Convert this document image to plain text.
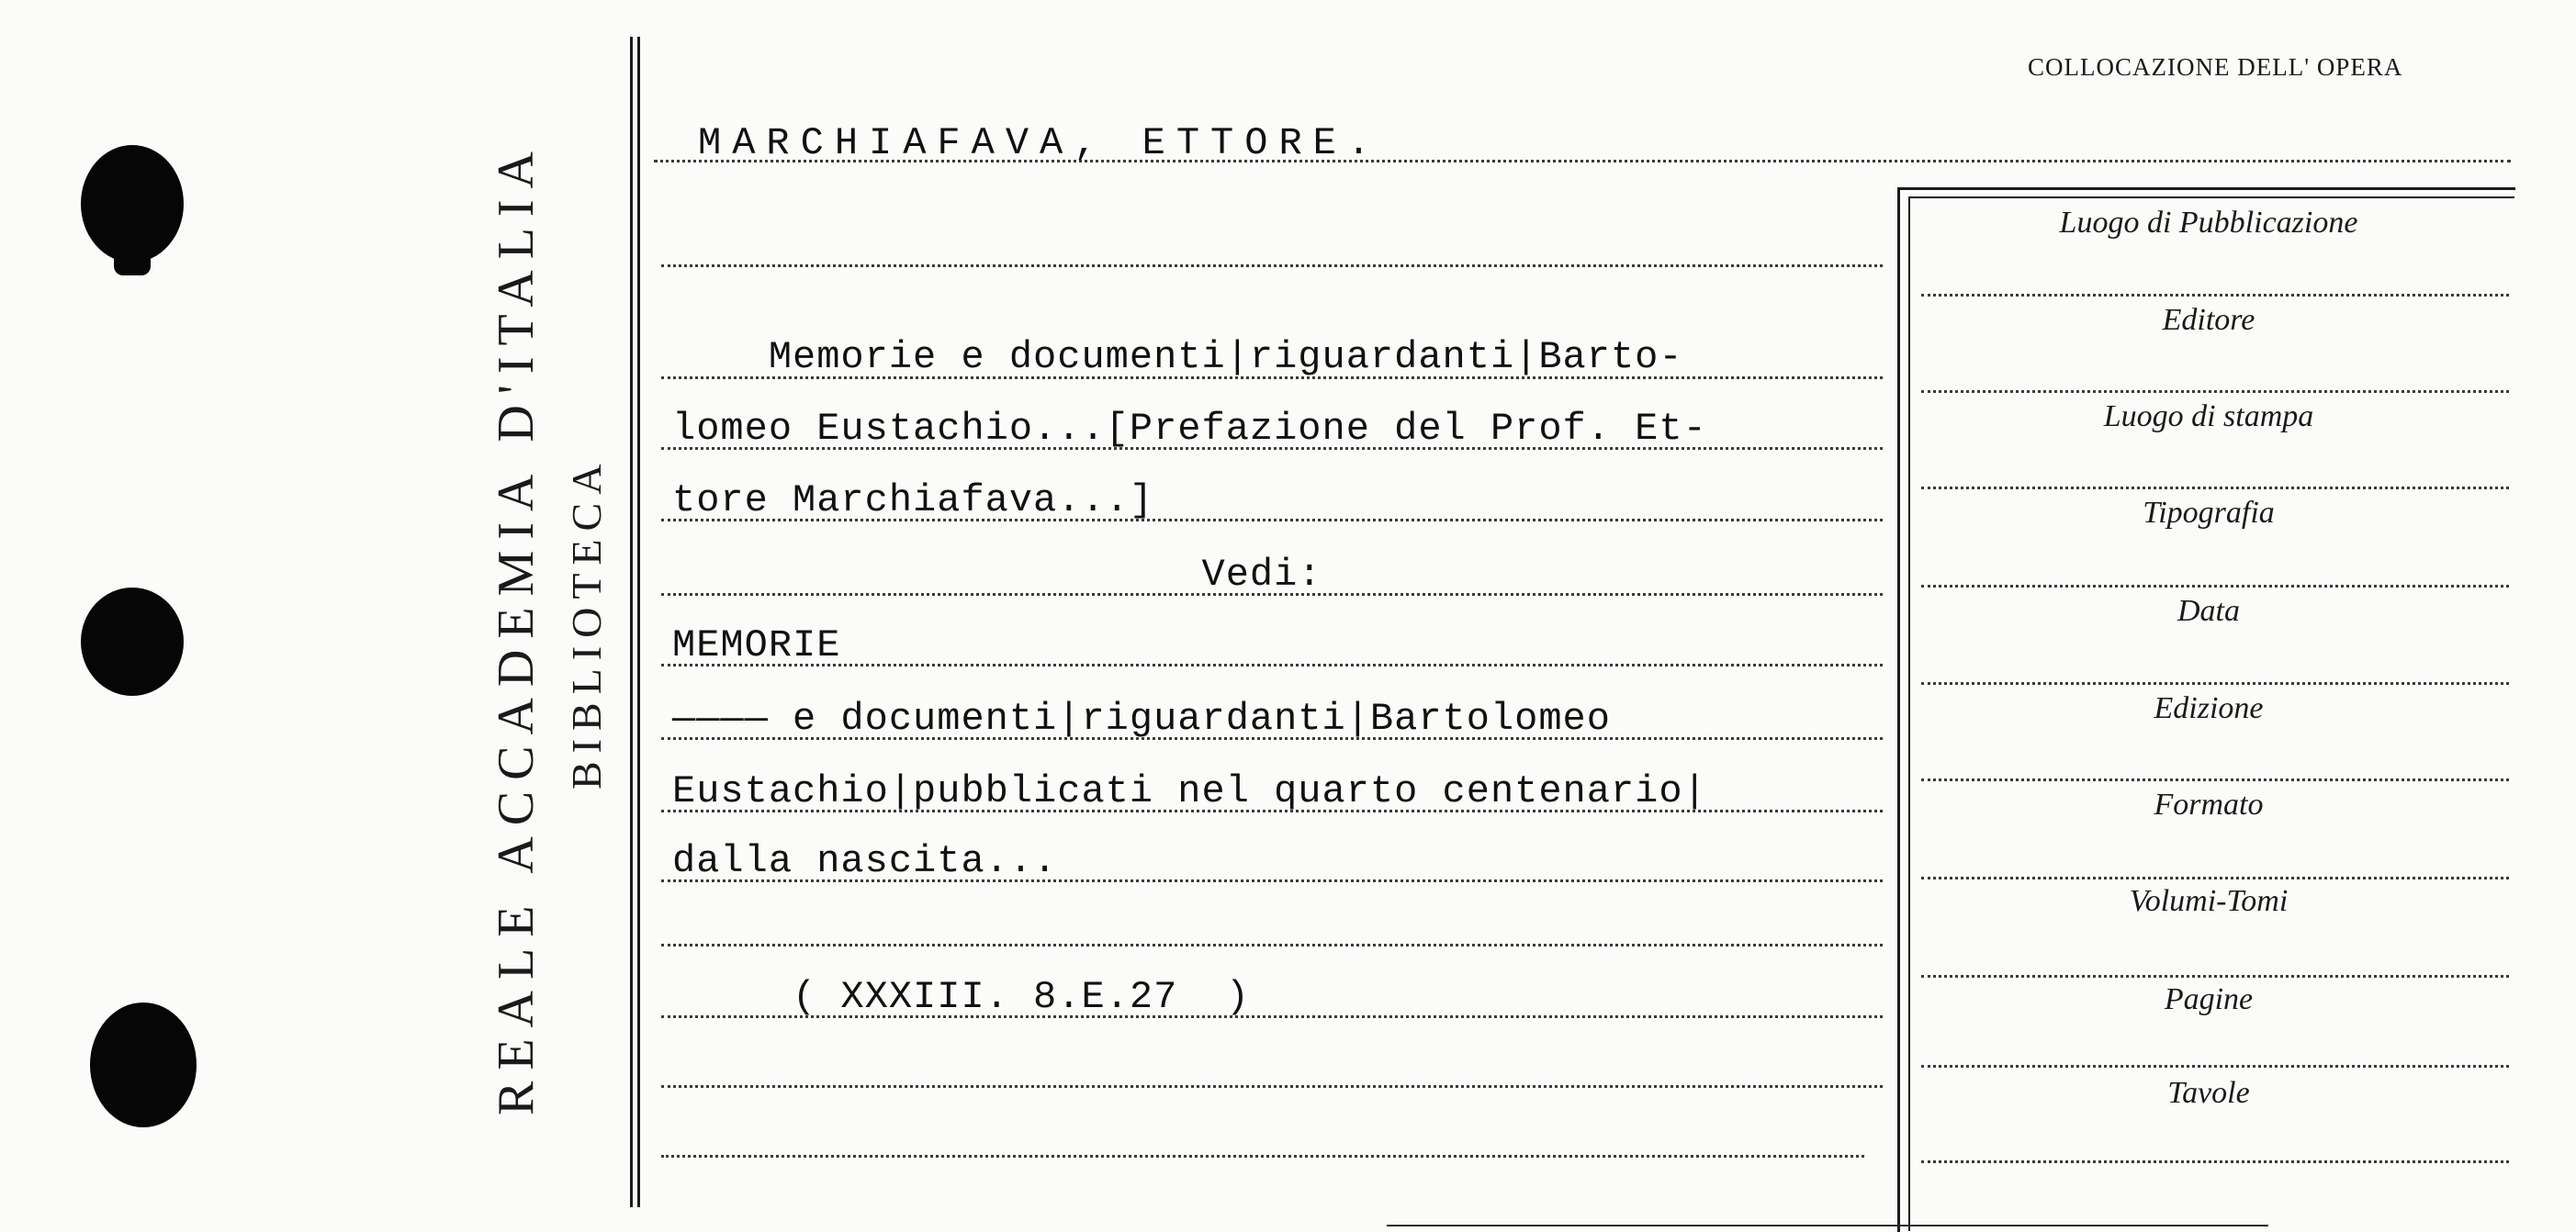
REALE ACCADEMIA D'ITALIA BIBLIOTECA
COLLOCAZIONE DELL' OPERA
MARCHIAFAVA, ETTORE.
Memorie e documenti|riguardanti|Barto-
lomeo Eustachio...[Prefazione del Prof. Et-
tore Marchiafava...]
Vedi:
MEMORIE
———— e documenti|riguardanti|Bartolomeo
Eustachio|pubblicati nel quarto centenario|
dalla nascita...
( XXXIII. 8.E.27  )
Luogo di Pubblicazione
Editore
Luogo di stampa
Tipografia
Data
Edizione
Formato
Volumi-Tomi
Pagine
Tavole
